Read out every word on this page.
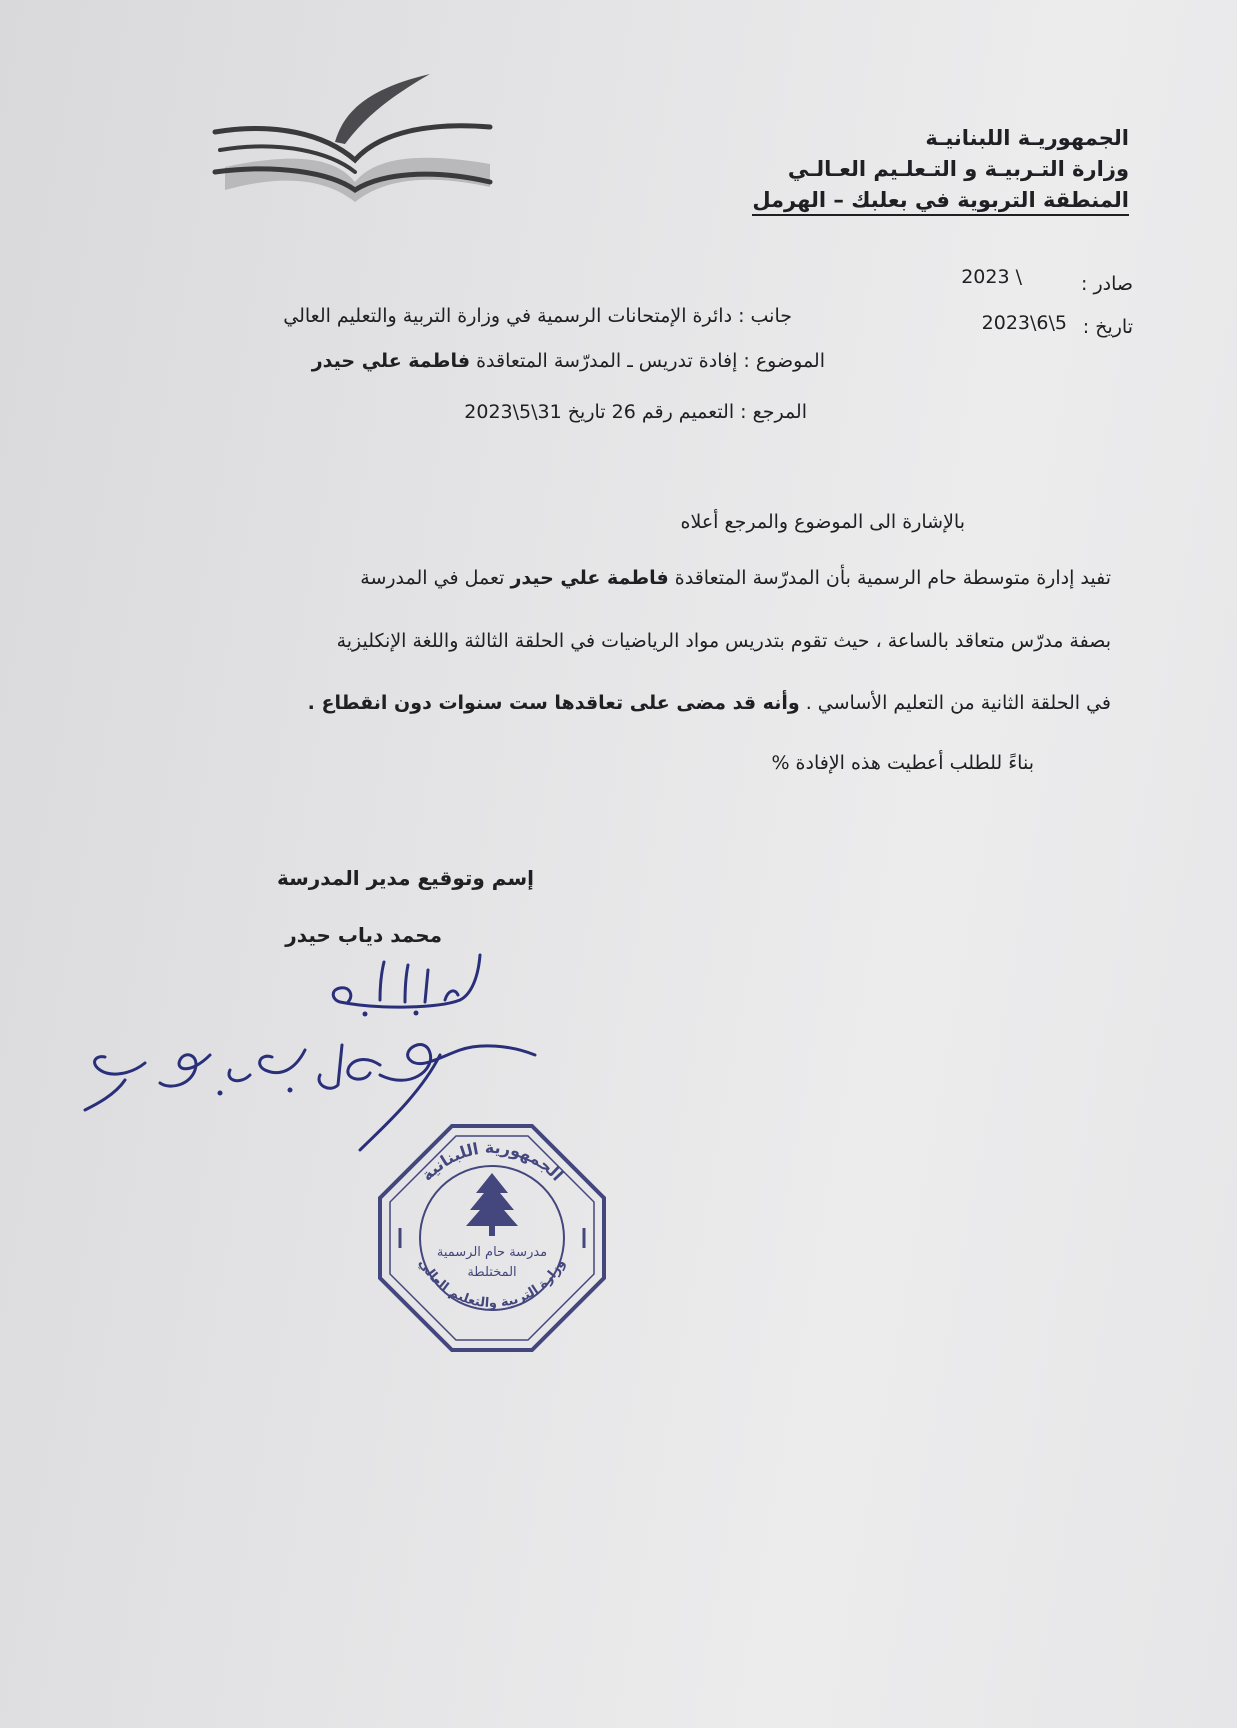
الجمهوريـة اللبنانيـة
وزارة التـربيـة و التـعلـيم العـالـي
المنطقة التربوية في بعلبك – الهرمل
صادر :
2023 \
تاريخ :
2023\6\5
جانب : دائرة الإمتحانات الرسمية في وزارة التربية والتعليم العالي
الموضوع : إفادة تدريس ـ المدرّسة المتعاقدة فاطمة علي حيدر
المرجع : التعميم رقم 26 تاريخ 31\5\2023
بالإشارة الى الموضوع والمرجع أعلاه
تفيد إدارة متوسطة حام الرسمية بأن المدرّسة المتعاقدة فاطمة علي حيدر تعمل في المدرسة
بصفة مدرّس متعاقد بالساعة ، حيث تقوم بتدريس مواد الرياضيات في الحلقة الثالثة واللغة الإنكليزية
في الحلقة الثانية من التعليم الأساسي . وأنه قد مضى على تعاقدها ست سنوات دون انقطاع .
بناءً للطلب أعطيت هذه الإفادة %
إسم وتوقيع مدير المدرسة
محمد دياب حيدر
الجمهورية اللبنانية
وزارة التربية والتعليم العالي
مدرسة حام الرسمية
المختلطة
